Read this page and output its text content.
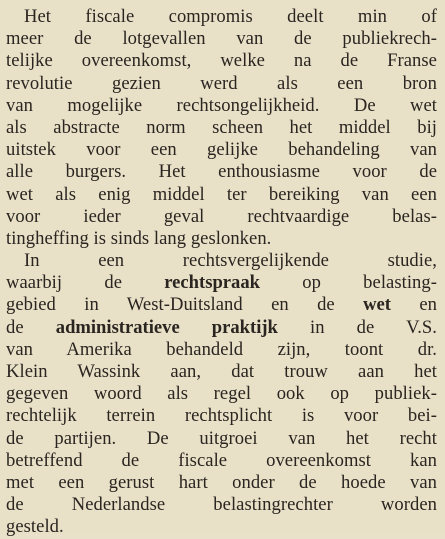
Het fiscale compromis deelt min of
meer de lotgevallen van de publiekrech-
telijke overeenkomst, welke na de Franse
revolutie gezien werd als een bron
van mogelijke rechtsongelijkheid. De wet
als abstracte norm scheen het middel bij
uitstek voor een gelijke behandeling van
alle burgers. Het enthousiasme voor de
wet als enig middel ter bereiking van een
voor ieder geval rechtvaardige belas-
tingheffing is sinds lang geslonken.
In een rechtsvergelijkende studie,
waarbij de rechtspraak op belasting-
gebied in West-Duitsland en de wet en
de administratieve praktijk in de V.S.
van Amerika behandeld zijn, toont dr.
Klein Wassink aan, dat trouw aan het
gegeven woord als regel ook op publiek-
rechtelijk terrein rechtsplicht is voor bei-
de partijen. De uitgroei van het recht
betreffend de fiscale overeenkomst kan
met een gerust hart onder de hoede van
de Nederlandse belastingrechter worden
gesteld.
